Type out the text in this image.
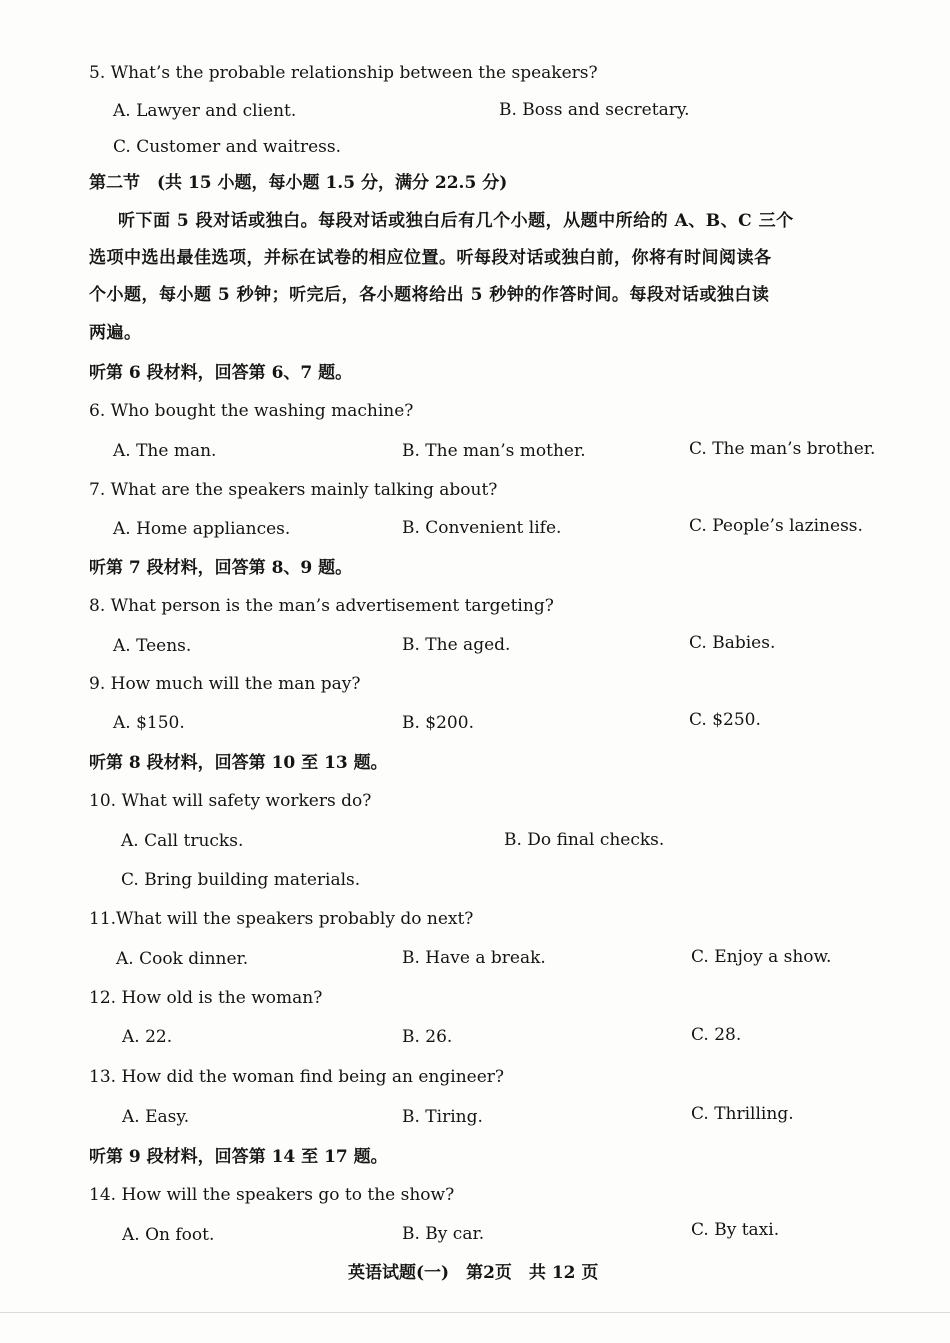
5. What’s the probable relationship between the speakers?
A. Lawyer and client.	B. Boss and secretary.
C. Customer and waitress.
第二节　(共 15 小题，每小题 1.5 分，满分 22.5 分)
听下面 5 段对话或独白。每段对话或独白后有几个小题，从题中所给的 A、B、C 三个
选项中选出最佳选项，并标在试卷的相应位置。听每段对话或独白前，你将有时间阅读各
个小题，每小题 5 秒钟；听完后，各小题将给出 5 秒钟的作答时间。每段对话或独白读
两遍。
听第 6 段材料，回答第 6、7 题。
6. Who bought the washing machine?
A. The man.	B. The man’s mother.	C. The man’s brother.
7. What are the speakers mainly talking about?
A. Home appliances.	B. Convenient life.	C. People’s laziness.
听第 7 段材料，回答第 8、9 题。
8. What person is the man’s advertisement targeting?
A. Teens.	B. The aged.	C. Babies.
9. How much will the man pay?
A. $150.	B. $200.	C. $250.
听第 8 段材料，回答第 10 至 13 题。
10. What will safety workers do?
A. Call trucks.	B. Do final checks.
C. Bring building materials.
11.What will the speakers probably do next?
A. Cook dinner.	B. Have a break.	C. Enjoy a show.
12. How old is the woman?
A. 22.	B. 26.	C. 28.
13. How did the woman find being an engineer?
A. Easy.	B. Tiring.	C. Thrilling.
听第 9 段材料，回答第 14 至 17 题。
14. How will the speakers go to the show?
A. On foot.	B. By car.	C. By taxi.
英语试题(一)　第2页　共 12 页
